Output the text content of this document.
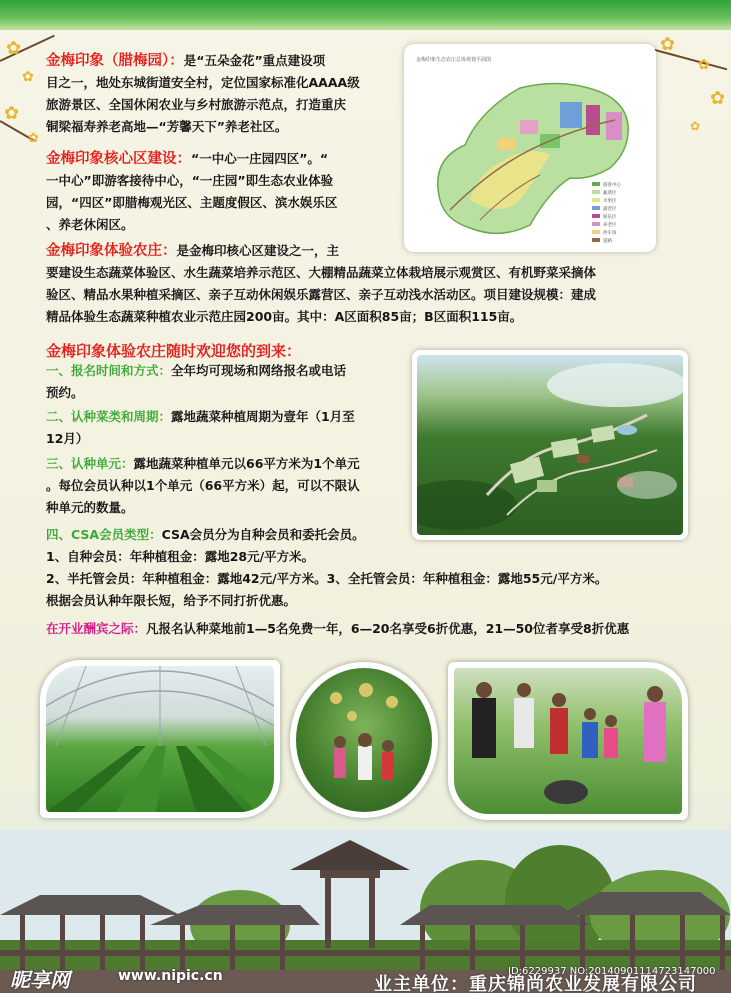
✿
✿
✿
✿
✿
✿
✿
✿
金梅印象（腊梅园）：是“五朵金花”重点建设项
目之一，地处东城街道安全村，定位国家标准化AAAA级
旅游景区、全国休闲农业与乡村旅游示范点，打造重庆
铜梁福寿养老高地—“芳馨天下”养老社区。
金梅印象核心区建设：“一中心一庄园四区”。“
一中心”即游客接待中心，“一庄园”即生态农业体验
园，“四区”即腊梅观光区、主题度假区、滨水娱乐区
、养老休闲区。
金梅印象生态农庄总体规划平面图
游客中心
蔬菜区
水果区
露营区
娱乐区
养老区
停车场
道路
金梅印象体验农庄：是金梅印核心区建设之一，主
要建设生态蔬菜体验区、水生蔬菜培养示范区、大棚精品蔬菜立体栽培展示观赏区、有机野菜采摘体
验区、精品水果种植采摘区、亲子互动休闲娱乐露营区、亲子互动浅水活动区。项目建设规模：建成
精品体验生态蔬菜种植农业示范庄园200亩。其中：A区面积85亩；B区面积115亩。
金梅印象体验农庄随时欢迎您的到来：
一、报名时间和方式：全年均可现场和网络报名或电话
预约。
二、认种菜类和周期：露地蔬菜种植周期为壹年（1月至
12月）
三、认种单元：露地蔬菜种植单元以66平方米为1个单元
。每位会员认种以1个单元（66平方米）起，可以不限认
种单元的数量。
四、CSA会员类型：CSA会员分为自种会员和委托会员。
1、自种会员：年种植租金：露地28元/平方米。
2、半托管会员：年种植租金：露地42元/平方米。3、全托管会员：年种植租金：露地55元/平方米。
根据会员认种年限长短，给予不同打折优惠。
在开业酬宾之际：凡报名认种菜地前1—5名免费一年，6—20名享受6折优惠，21—50位者享受8折优惠
昵享网	www.nipic.cn	ID:6229937 NO:20140901114723147000
业主单位：重庆锦尚农业发展有限公司
